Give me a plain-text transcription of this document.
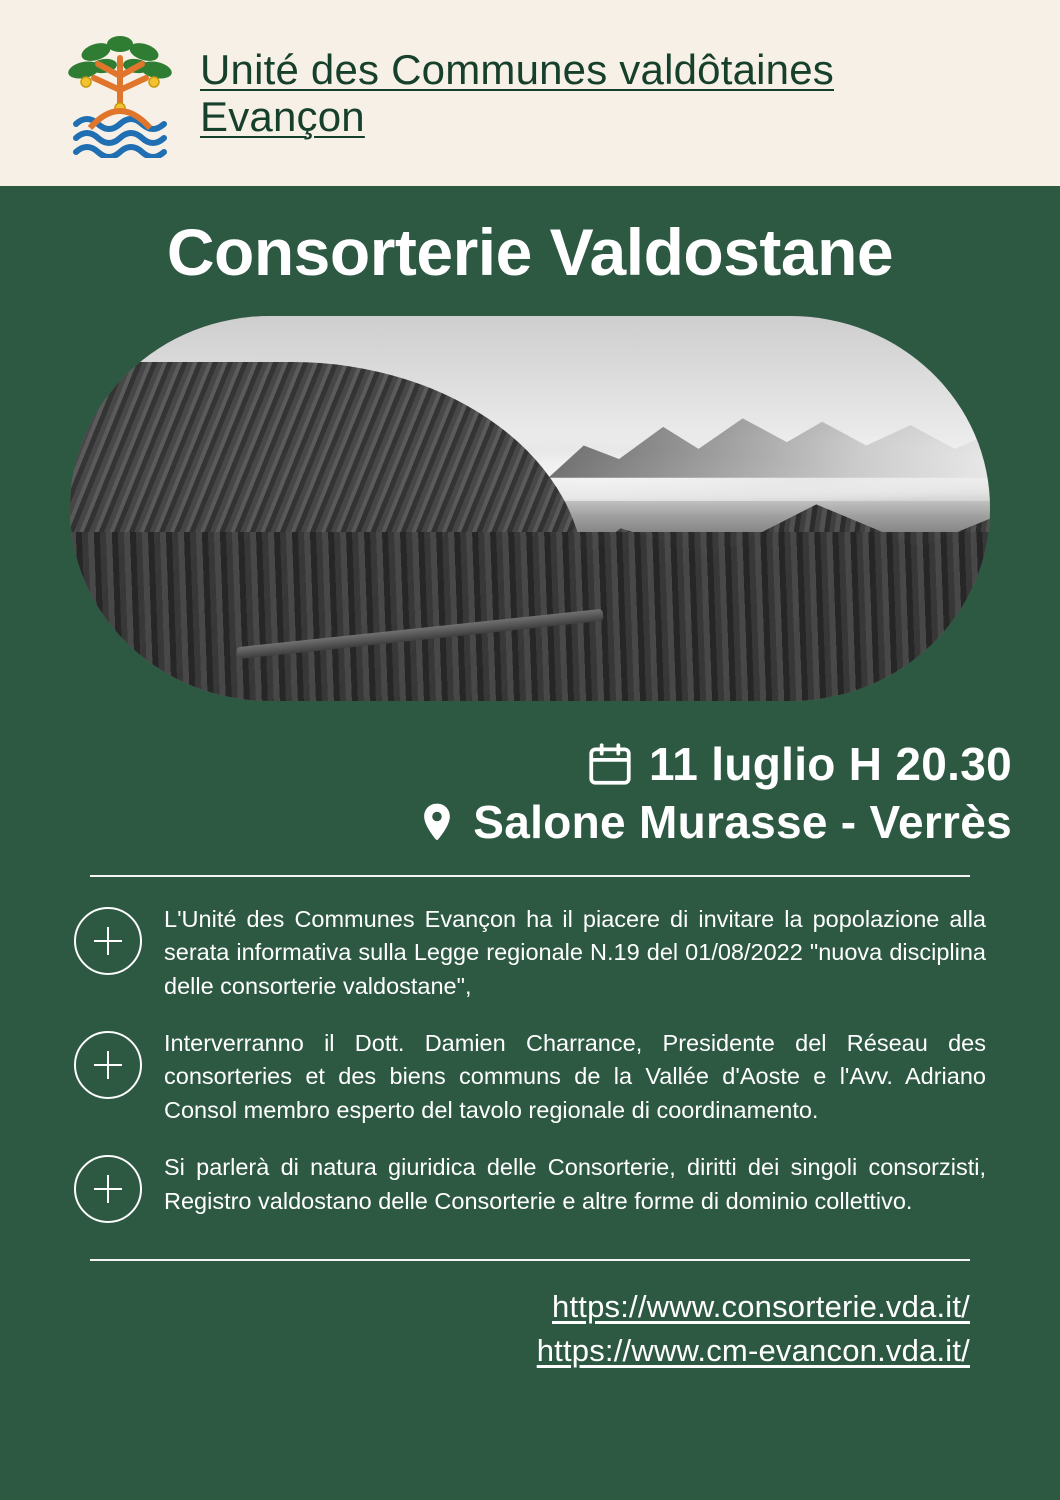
Unité des Communes valdôtaines
Evançon
Consorterie Valdostane
11 luglio H 20.30
Salone Murasse - Verrès
L'Unité des Communes Evançon ha il piacere di invitare la popolazione alla serata informativa sulla Legge regionale N.19 del 01/08/2022 "nuova disciplina delle consorterie valdostane",
Interverranno il Dott. Damien Charrance, Presidente del Réseau des consorteries et des biens communs de la Vallée d'Aoste e l'Avv. Adriano Consol membro esperto del tavolo regionale di coordinamento.
Si parlerà di natura giuridica delle Consorterie, diritti dei singoli consorzisti, Registro valdostano delle Consorterie e altre forme di dominio collettivo.
https://www.consorterie.vda.it/
https://www.cm-evancon.vda.it/
